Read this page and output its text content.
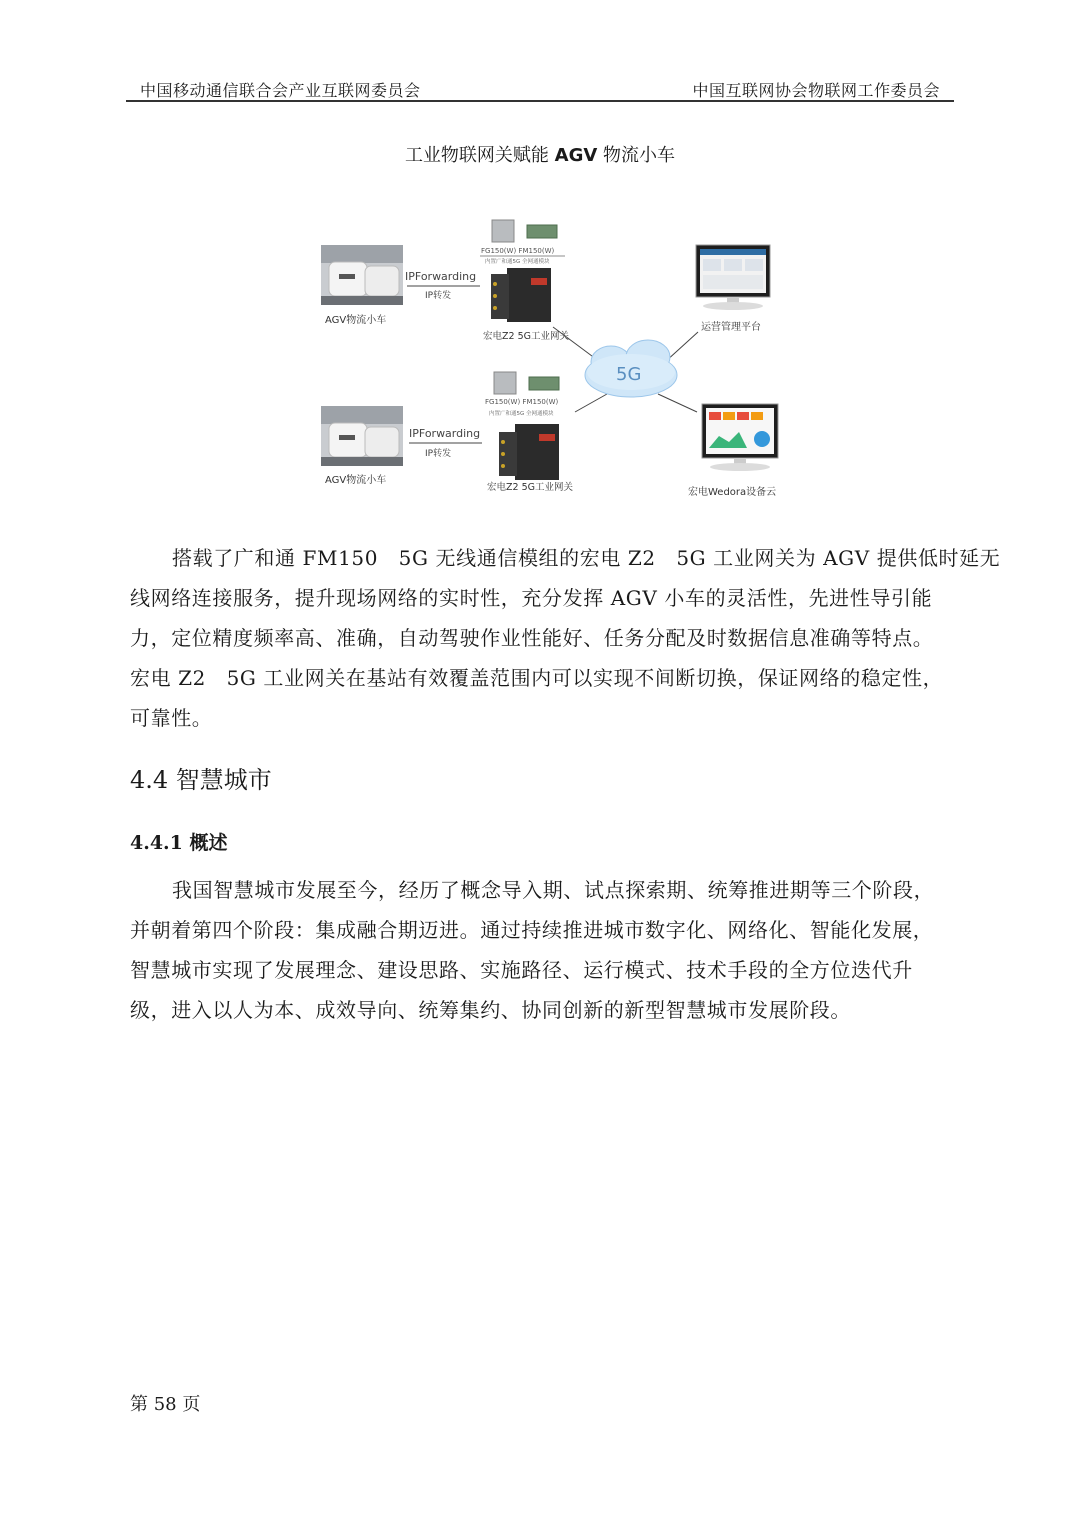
中国移动通信联合会产业互联网委员会	中国互联网协会物联网工作委员会
工业物联网关赋能 AGV 物流小车
AGV物流小车
IPForwarding
IP转发
FG150(W) FM150(W)
内置广和通5G 全网通模块
宏电Z2 5G工业网关
5G
FG150(W) FM150(W)
内置广和通5G 全网通模块
宏电Z2 5G工业网关
AGV物流小车
IPForwarding
IP转发
运营管理平台
宏电Wedora设备云
搭载了广和通 FM150　5G 无线通信模组的宏电 Z2　5G 工业网关为 AGV 提供低时延无
线网络连接服务，提升现场网络的实时性，充分发挥 AGV 小车的灵活性，先进性导引能
力，定位精度频率高、准确，自动驾驶作业性能好、任务分配及时数据信息准确等特点。
宏电 Z2　5G 工业网关在基站有效覆盖范围内可以实现不间断切换，保证网络的稳定性，
可靠性。
4.4 智慧城市
4.4.1 概述
我国智慧城市发展至今，经历了概念导入期、试点探索期、统筹推进期等三个阶段，
并朝着第四个阶段：集成融合期迈进。通过持续推进城市数字化、网络化、智能化发展，
智慧城市实现了发展理念、建设思路、实施路径、运行模式、技术手段的全方位迭代升
级，进入以人为本、成效导向、统筹集约、协同创新的新型智慧城市发展阶段。
第 58 页
